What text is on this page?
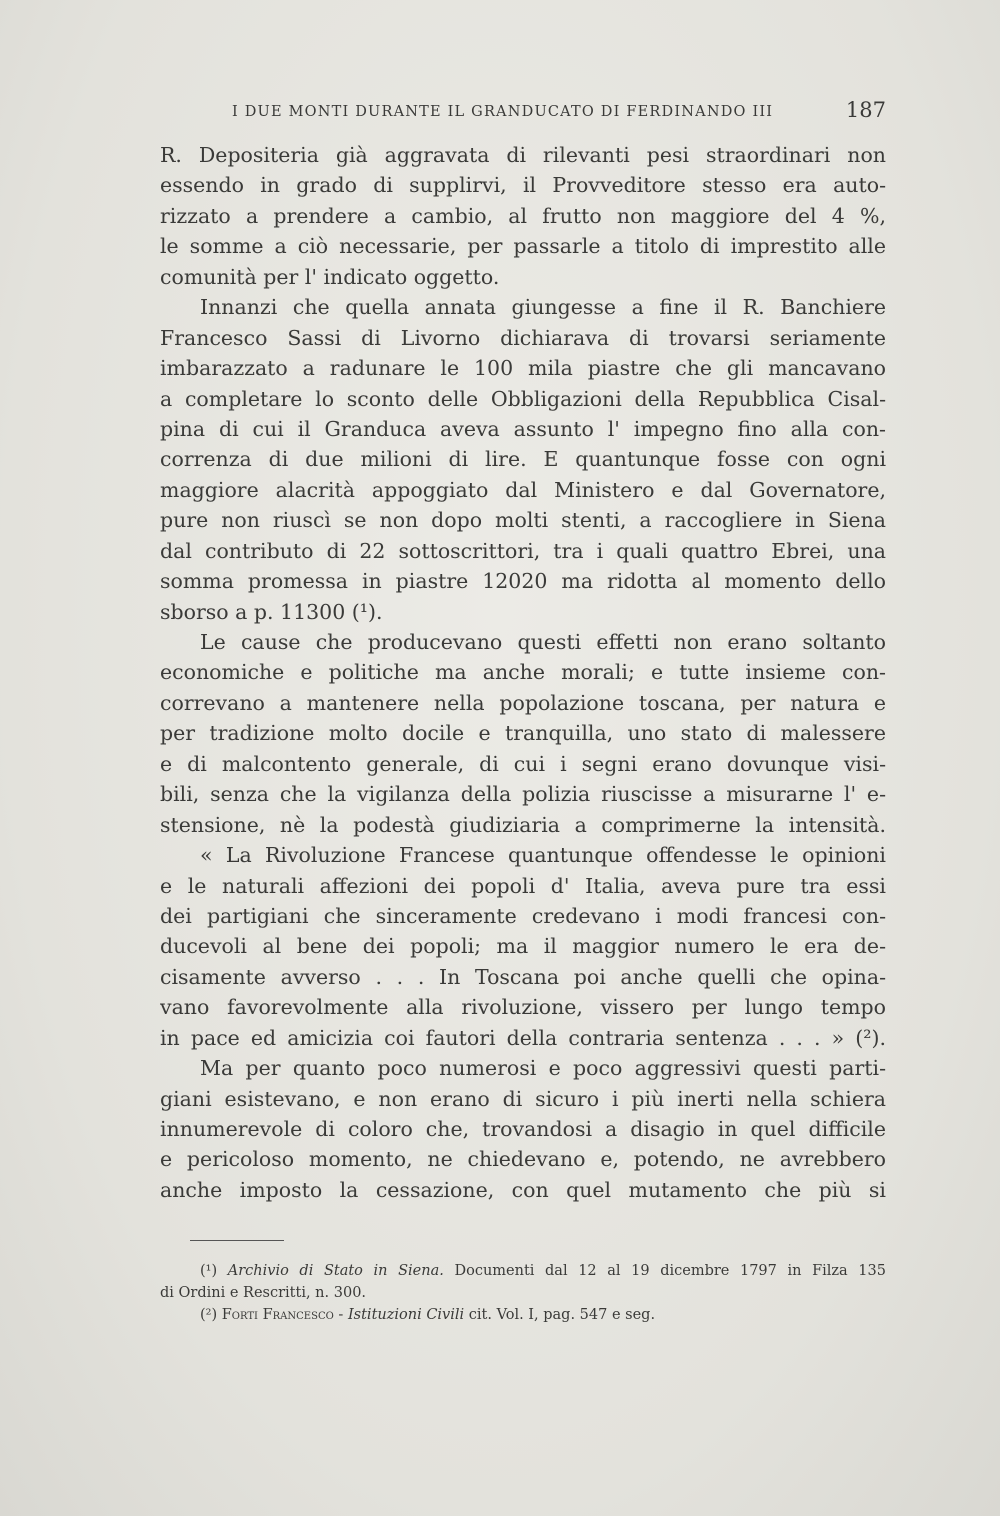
I DUE MONTI DURANTE IL GRANDUCATO DI FERDINANDO III	187
R. Depositeria già aggravata di rilevanti pesi straordinari non
essendo in grado di supplirvi, il Provveditore stesso era auto-
rizzato a prendere a cambio, al frutto non maggiore del 4 %,
le somme a ciò necessarie, per passarle a titolo di imprestito alle
comunità per l' indicato oggetto.
Innanzi che quella annata giungesse a fine il R. Banchiere
Francesco Sassi di Livorno dichiarava di trovarsi seriamente
imbarazzato a radunare le 100 mila piastre che gli mancavano
a completare lo sconto delle Obbligazioni della Repubblica Cisal-
pina di cui il Granduca aveva assunto l' impegno fino alla con-
correnza di due milioni di lire. E quantunque fosse con ogni
maggiore alacrità appoggiato dal Ministero e dal Governatore,
pure non riuscì se non dopo molti stenti, a raccogliere in Siena
dal contributo di 22 sottoscrittori, tra i quali quattro Ebrei, una
somma promessa in piastre 12020 ma ridotta al momento dello
sborso a p. 11300 (¹).
Le cause che producevano questi effetti non erano soltanto
economiche e politiche ma anche morali; e tutte insieme con-
correvano a mantenere nella popolazione toscana, per natura e
per tradizione molto docile e tranquilla, uno stato di malessere
e di malcontento generale, di cui i segni erano dovunque visi-
bili, senza che la vigilanza della polizia riuscisse a misurarne l' e-
stensione, nè la podestà giudiziaria a comprimerne la intensità.
« La Rivoluzione Francese quantunque offendesse le opinioni
e le naturali affezioni dei popoli d' Italia, aveva pure tra essi
dei partigiani che sinceramente credevano i modi francesi con-
ducevoli al bene dei popoli; ma il maggior numero le era de-
cisamente avverso . . . In Toscana poi anche quelli che opina-
vano favorevolmente alla rivoluzione, vissero per lungo tempo
in pace ed amicizia coi fautori della contraria sentenza . . . » (²).
Ma per quanto poco numerosi e poco aggressivi questi parti-
giani esistevano, e non erano di sicuro i più inerti nella schiera
innumerevole di coloro che, trovandosi a disagio in quel difficile
e pericoloso momento, ne chiedevano e, potendo, ne avrebbero
anche imposto la cessazione, con quel mutamento che più si
(¹) Archivio di Stato in Siena. Documenti dal 12 al 19 dicembre 1797 in Filza 135
di Ordini e Rescritti, n. 300.
(²) Forti Francesco - Istituzioni Civili cit. Vol. I, pag. 547 e seg.
